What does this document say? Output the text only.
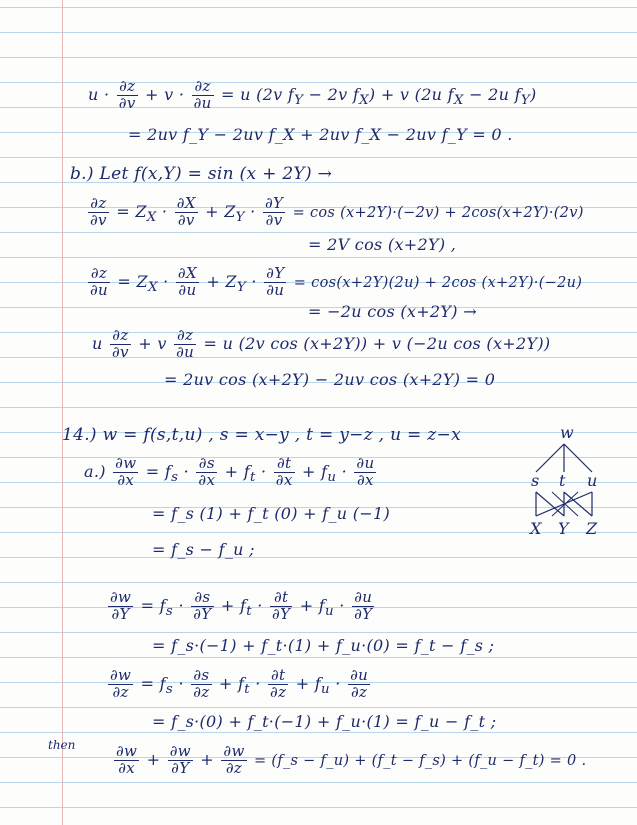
$u \cdot \frac{\partial z}{\partial v} + v \cdot \frac{\partial z}{\partial u} = u$ (2v $f_Y - 2v$ $f_X) + v$ (2u $f_X - 2u$ $f_Y$)
= 2uv f_Y − 2uv f_X + 2uv f_X − 2uv f_Y = 0 .
b.) Let f(x,Y) = sin (x + 2Y) →
$\frac{\partial z}{\partial v} = Z_X \cdot \frac{\partial X}{\partial v} + Z_Y \cdot \frac{\partial Y}{\partial v} = \cos (x+2Y)\cdot(-2v) + 2\cos(x+2Y)\cdot(2v)$
= 2V cos (x+2Y) ,
$\frac{\partial z}{\partial u} = Z_X \cdot \frac{\partial X}{\partial u} + Z_Y \cdot \frac{\partial Y}{\partial u} = \cos(x+2Y)(2u) + 2\cos$ (x+2Y)·(−2u)
= −2u cos (x+2Y) →
u $\frac{\partial z}{\partial v} + v \frac{\partial z}{\partial u} = u$ (2v cos (x+2Y)) + v (−2u cos (x+2Y))
= 2uv cos (x+2Y) − 2uv cos (x+2Y) = 0
14.) w = f(s,t,u) , s = x−y , t = y−z , u = z−x
$a.) \frac{\partial w}{\partial x} = f_s \cdot \frac{\partial s}{\partial x} + f_t \cdot \frac{\partial t}{\partial x} + f_u \cdot \frac{\partial u}{\partial x}$
= f_s (1) + f_t (0) + f_u (−1)
= f_s − f_u ;
$\frac{\partial w}{\partial Y} = f_s \cdot \frac{\partial s}{\partial Y} + f_t \cdot \frac{\partial t}{\partial Y} + f_u \cdot \frac{\partial u}{\partial Y}$
= f_s·(−1) + f_t·(1) + f_u·(0) = f_t − f_s ;
$\frac{\partial w}{\partial z} = f_s \cdot \frac{\partial s}{\partial z} + f_t \cdot \frac{\partial t}{\partial z} + f_u \cdot \frac{\partial u}{\partial z}$
= f_s·(0) + f_t·(−1) + f_u·(1) = f_u − f_t ;
then	$\frac{\partial w}{\partial x} + \frac{\partial w}{\partial Y} + \frac{\partial w}{\partial z}$ = (f_s − f_u) + (f_t − f_s) + (f_u − f_t) = 0 .
w
s t u
X Y Z
